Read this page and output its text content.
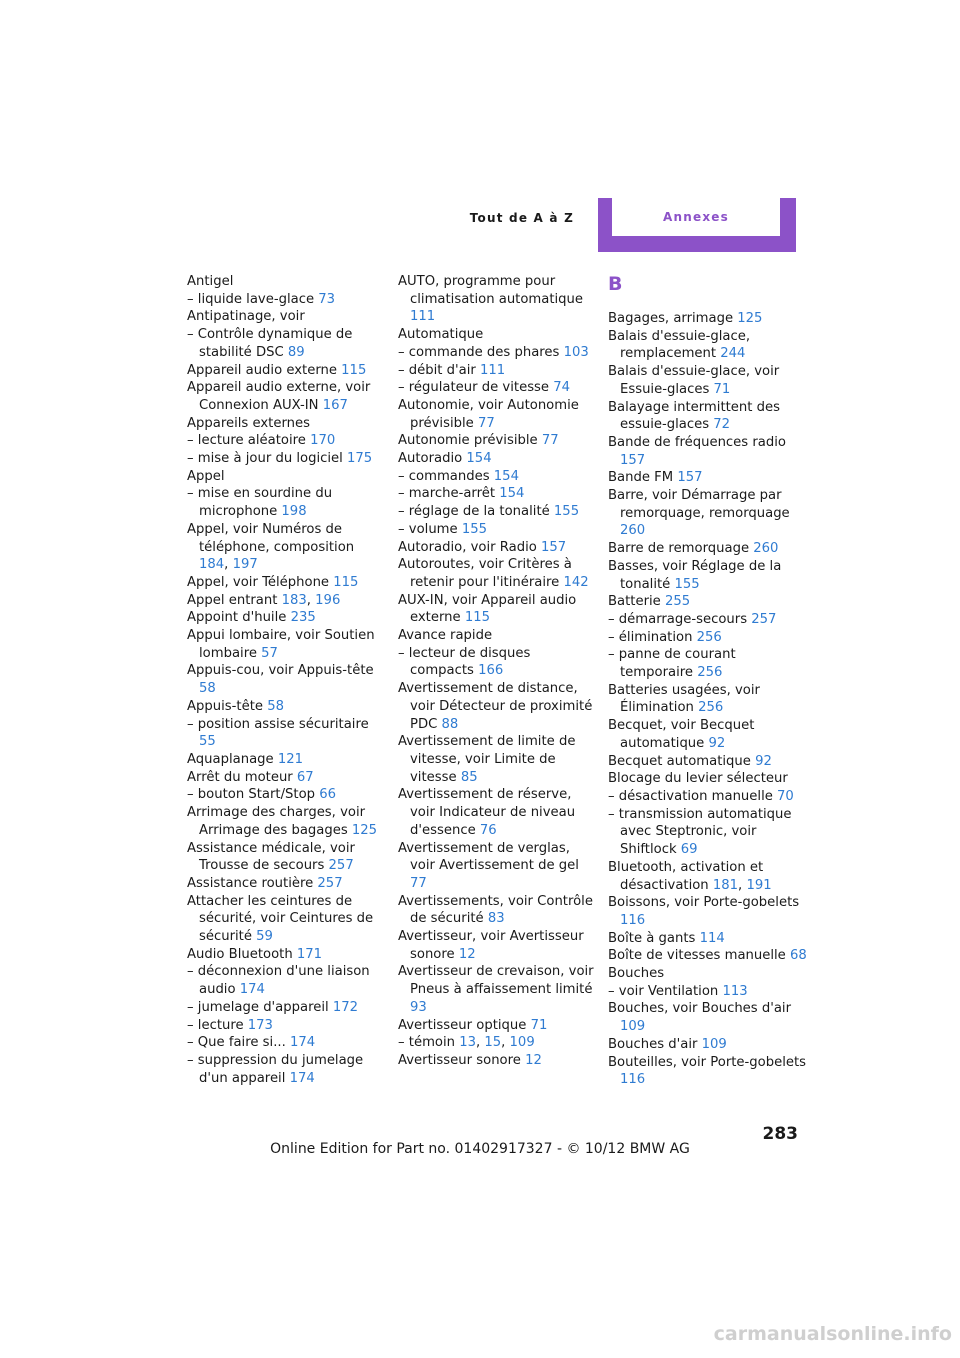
Tout de A à Z	Annexes
Antigel
– liquide lave-glace 73
Antipatinage, voir
– Contrôle dynamique de stabilité DSC 89
Appareil audio externe 115
Appareil audio externe, voir Connexion AUX-IN 167
Appareils externes
– lecture aléatoire 170
– mise à jour du logiciel 175
Appel
– mise en sourdine du microphone 198
Appel, voir Numéros de téléphone, composition 184, 197
Appel, voir Téléphone 115
Appel entrant 183, 196
Appoint d'huile 235
Appui lombaire, voir Soutien lombaire 57
Appuis-cou, voir Appuis-tête 58
Appuis-tête 58
– position assise sécuritaire 55
Aquaplanage 121
Arrêt du moteur 67
– bouton Start/Stop 66
Arrimage des charges, voir Arrimage des bagages 125
Assistance médicale, voir Trousse de secours 257
Assistance routière 257
Attacher les ceintures de sécurité, voir Ceintures de sécurité 59
Audio Bluetooth 171
– déconnexion d'une liaison audio 174
– jumelage d'appareil 172
– lecture 173
– Que faire si... 174
– suppression du jumelage d'un appareil 174
AUTO, programme pour climatisation automatique 111
Automatique
– commande des phares 103
– débit d'air 111
– régulateur de vitesse 74
Autonomie, voir Autonomie prévisible 77
Autonomie prévisible 77
Autoradio 154
– commandes 154
– marche-arrêt 154
– réglage de la tonalité 155
– volume 155
Autoradio, voir Radio 157
Autoroutes, voir Critères à retenir pour l'itinéraire 142
AUX-IN, voir Appareil audio externe 115
Avance rapide
– lecteur de disques compacts 166
Avertissement de distance, voir Détecteur de proximité PDC 88
Avertissement de limite de vitesse, voir Limite de vitesse 85
Avertissement de réserve, voir Indicateur de niveau d'essence 76
Avertissement de verglas, voir Avertissement de gel 77
Avertissements, voir Contrôle de sécurité 83
Avertisseur, voir Avertisseur sonore 12
Avertisseur de crevaison, voir Pneus à affaissement limité 93
Avertisseur optique 71
– témoin 13, 15, 109
Avertisseur sonore 12
B
Bagages, arrimage 125
Balais d'essuie-glace, remplacement 244
Balais d'essuie-glace, voir Essuie-glaces 71
Balayage intermittent des essuie-glaces 72
Bande de fréquences radio 157
Bande FM 157
Barre, voir Démarrage par remorquage, remorquage 260
Barre de remorquage 260
Basses, voir Réglage de la tonalité 155
Batterie 255
– démarrage-secours 257
– élimination 256
– panne de courant temporaire 256
Batteries usagées, voir Élimination 256
Becquet, voir Becquet automatique 92
Becquet automatique 92
Blocage du levier sélecteur
– désactivation manuelle 70
– transmission automatique avec Steptronic, voir Shiftlock 69
Bluetooth, activation et désactivation 181, 191
Boissons, voir Porte-gobelets 116
Boîte à gants 114
Boîte de vitesses manuelle 68
Bouches
– voir Ventilation 113
Bouches, voir Bouches d'air 109
Bouches d'air 109
Bouteilles, voir Porte-gobelets 116
283
Online Edition for Part no. 01402917327 - © 10/12 BMW AG
carmanualsonline.info
